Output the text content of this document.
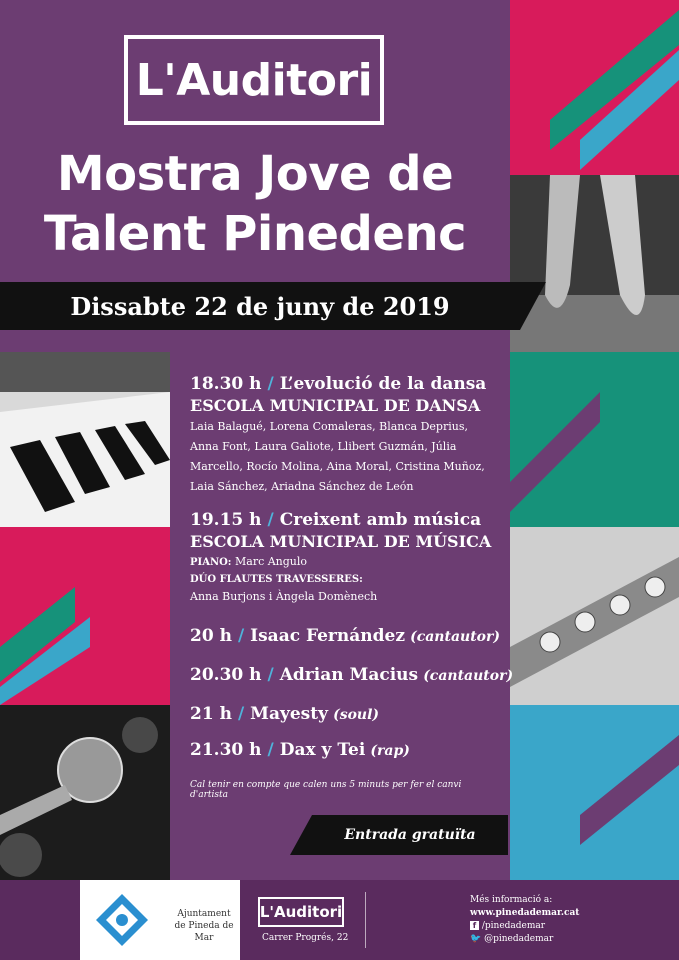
L'Auditori
Mostra Jove de
Talent Pinedenc
Dissabte 22 de juny de 2019
18.30 h / L’evolució de la dansa
ESCOLA MUNICIPAL DE DANSA
Laia Balagué, Lorena Comaleras, Blanca Deprius,
Anna Font, Laura Galiote, Llibert Guzmán, Júlia
Marcello, Rocío Molina, Aina Moral, Cristina Muñoz,
Laia Sánchez, Ariadna Sánchez de León
19.15 h / Creixent amb música
ESCOLA MUNICIPAL DE MÚSICA
PIANO: Marc Angulo
DÚO FLAUTES TRAVESSERES:
Anna Burjons i Àngela Domènech
20 h / Isaac Fernández (cantautor)
20.30 h / Adrian Macius (cantautor)
21 h / Mayesty (soul)
21.30 h / Dax y Tei (rap)
Cal tenir en compte que calen uns 5 minuts per fer el canvi d'artista
Entrada gratuïta
Ajuntament
de Pineda de Mar
L'Auditori
Carrer Progrés, 22
Més informació a:
www.pinedademar.cat
f /pinedademar
🐦 @pinedademar
